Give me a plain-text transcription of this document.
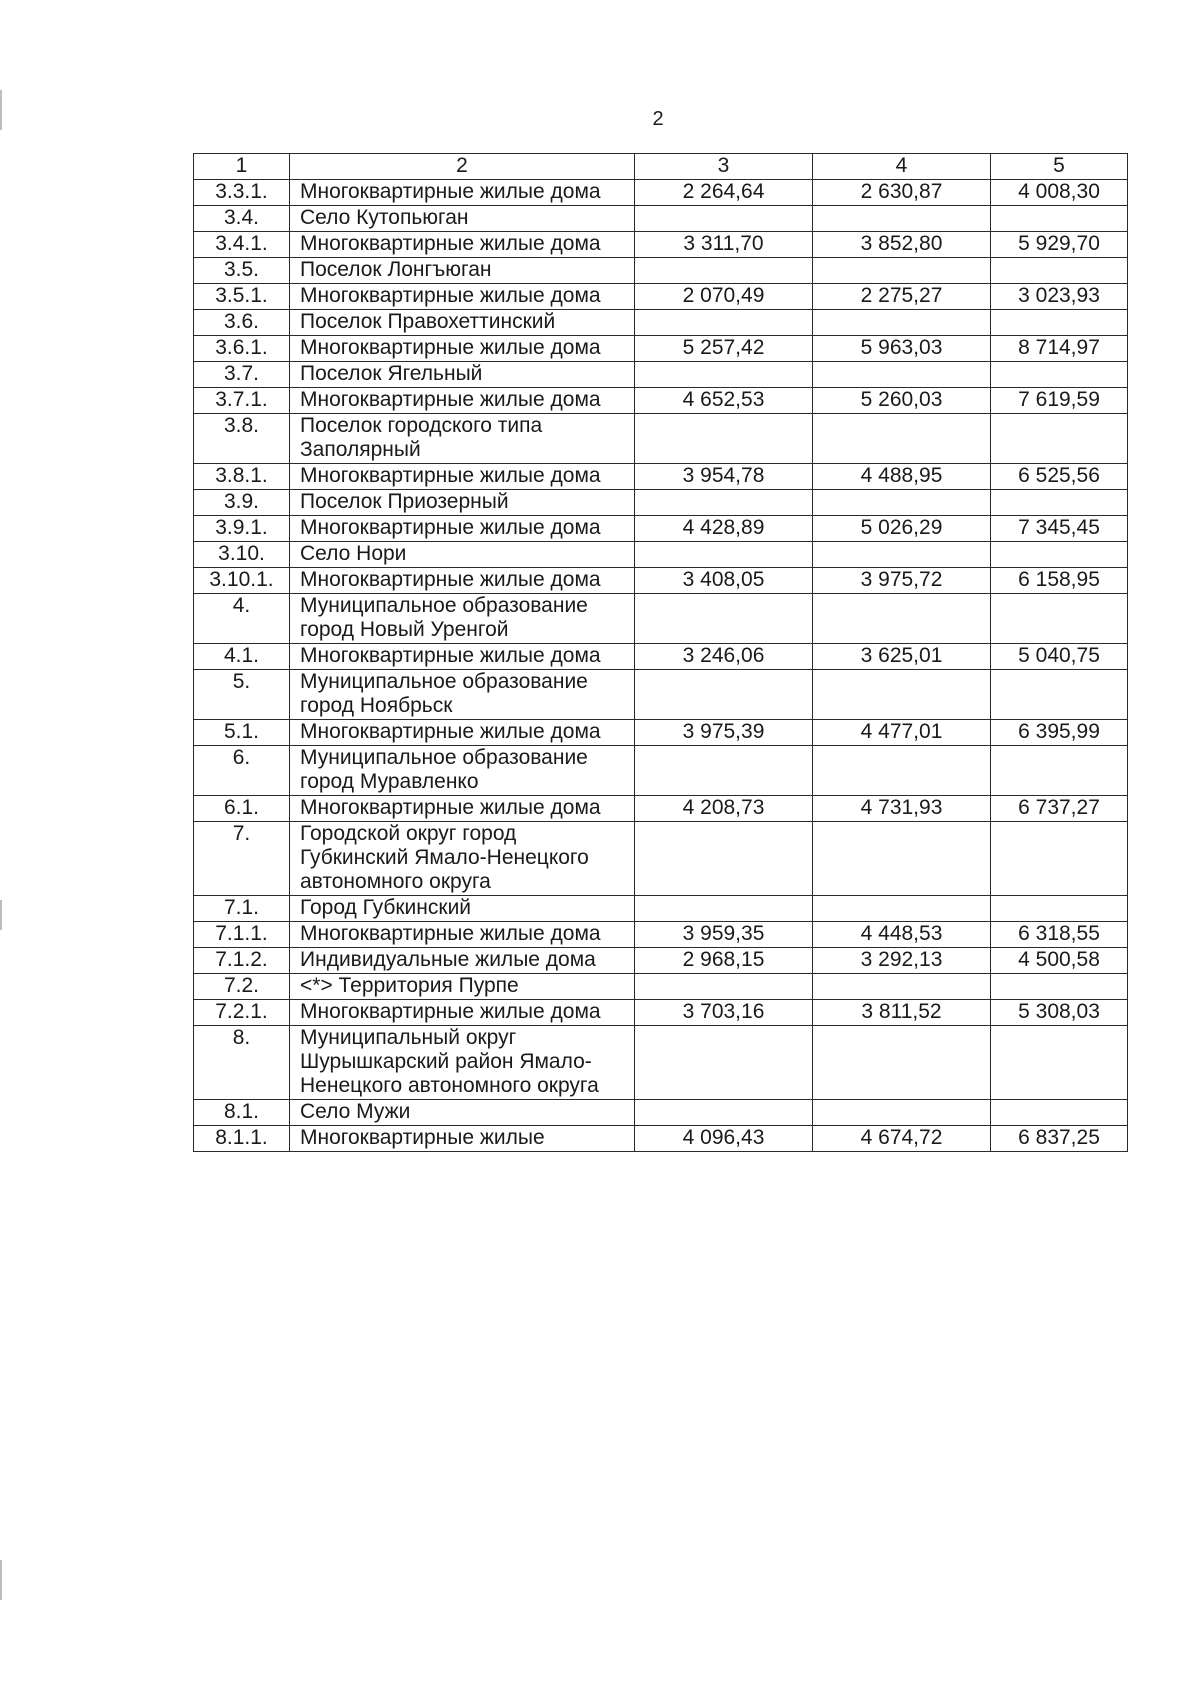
2
1	2	3	4	5
3.3.1.	Многоквартирные жилые дома	2 264,64	2 630,87	4 008,30
3.4.	Село Кутопьюган			
3.4.1.	Многоквартирные жилые дома	3 311,70	3 852,80	5 929,70
3.5.	Поселок Лонгъюган			
3.5.1.	Многоквартирные жилые дома	2 070,49	2 275,27	3 023,93
3.6.	Поселок Правохеттинский			
3.6.1.	Многоквартирные жилые дома	5 257,42	5 963,03	8 714,97
3.7.	Поселок Ягельный			
3.7.1.	Многоквартирные жилые дома	4 652,53	5 260,03	7 619,59
3.8.	Поселок городского типа Заполярный			
3.8.1.	Многоквартирные жилые дома	3 954,78	4 488,95	6 525,56
3.9.	Поселок Приозерный			
3.9.1.	Многоквартирные жилые дома	4 428,89	5 026,29	7 345,45
3.10.	Село Нори			
3.10.1.	Многоквартирные жилые дома	3 408,05	3 975,72	6 158,95
4.	Муниципальное образование город Новый Уренгой			
4.1.	Многоквартирные жилые дома	3 246,06	3 625,01	5 040,75
5.	Муниципальное образование город Ноябрьск			
5.1.	Многоквартирные жилые дома	3 975,39	4 477,01	6 395,99
6.	Муниципальное образование город Муравленко			
6.1.	Многоквартирные жилые дома	4 208,73	4 731,93	6 737,27
7.	Городской округ город Губкинский Ямало-Ненецкого автономного округа			
7.1.	Город Губкинский			
7.1.1.	Многоквартирные жилые дома	3 959,35	4 448,53	6 318,55
7.1.2.	Индивидуальные жилые дома	2 968,15	3 292,13	4 500,58
7.2.	<*> Территория Пурпе			
7.2.1.	Многоквартирные жилые дома	3 703,16	3 811,52	5 308,03
8.	Муниципальный округ Шурышкарский район Ямало-Ненецкого автономного округа			
8.1.	Село Мужи			
8.1.1.	Многоквартирные жилые	4 096,43	4 674,72	6 837,25
